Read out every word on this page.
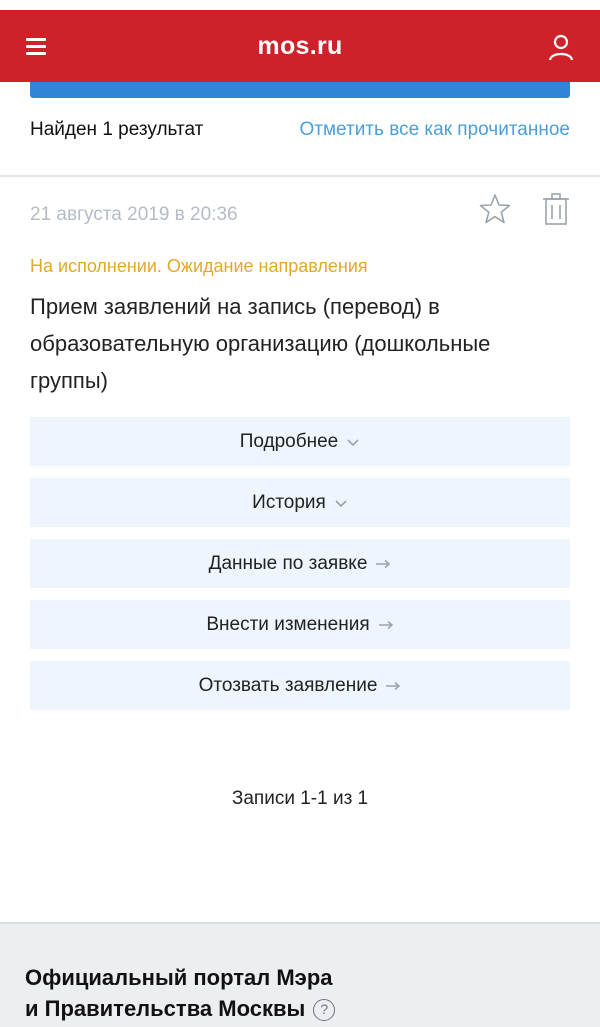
mos.ru
Найден 1 результат	Отметить все как прочитанное
21 августа 2019 в 20:36
На исполнении. Ожидание направления
Прием заявлений на запись (перевод) в образовательную организацию (дошкольные группы)
Подробнее
История
Данные по заявке
Внести изменения
Отозвать заявление
Записи 1-1 из 1
Официальный портал Мэра
и Правительства Москвы ?
